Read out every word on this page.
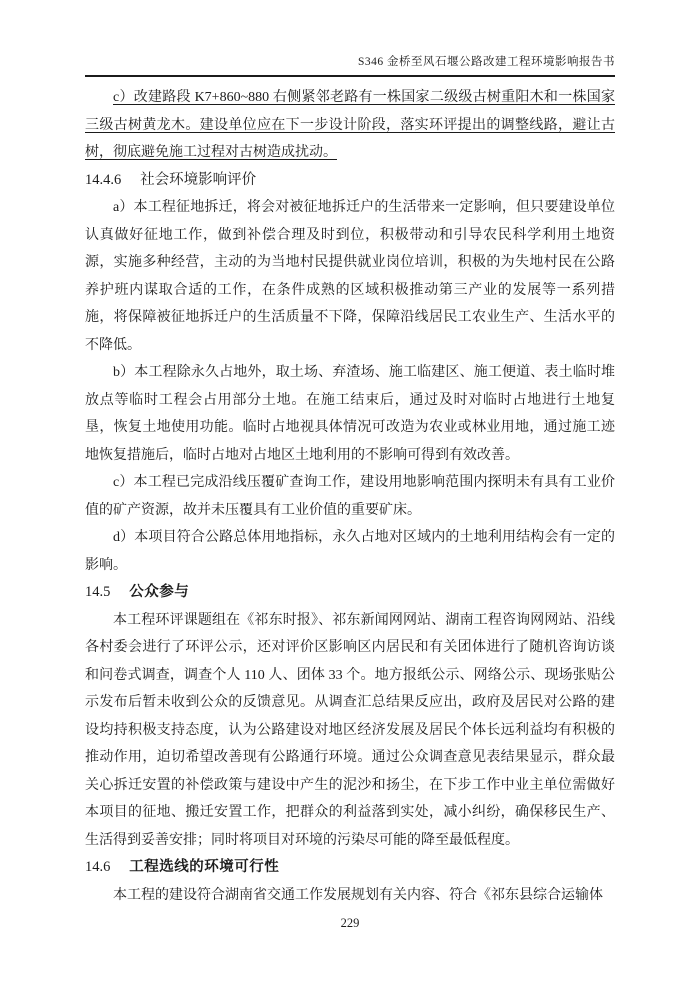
S346 金桥至风石堰公路改建工程环境影响报告书

c）改建路段 K7+860~880 右侧紧邻老路有一株国家二级级古树重阳木和一株国家三级古树黄龙木。建设单位应在下一步设计阶段，落实环评提出的调整线路，避让古树，彻底避免施工过程对古树造成扰动。

14.4.6 社会环境影响评价

a）本工程征地拆迁，将会对被征地拆迁户的生活带来一定影响，但只要建设单位认真做好征地工作，做到补偿合理及时到位，积极带动和引导农民科学利用土地资源，实施多种经营，主动的为当地村民提供就业岗位培训，积极的为失地村民在公路养护班内谋取合适的工作，在条件成熟的区域积极推动第三产业的发展等一系列措施，将保障被征地拆迁户的生活质量不下降，保障沿线居民工农业生产、生活水平的不降低。

b）本工程除永久占地外，取土场、弃渣场、施工临建区、施工便道、表土临时堆放点等临时工程会占用部分土地。在施工结束后，通过及时对临时占地进行土地复垦，恢复土地使用功能。临时占地视具体情况可改造为农业或林业用地，通过施工迹地恢复措施后，临时占地对占地区土地利用的不影响可得到有效改善。

c）本工程已完成沿线压覆矿查询工作，建设用地影响范围内探明未有具有工业价值的矿产资源，故并未压覆具有工业价值的重要矿床。

d）本项目符合公路总体用地指标，永久占地对区域内的土地利用结构会有一定的影响。

14.5 公众参与

本工程环评课题组在《祁东时报》、祁东新闻网网站、湖南工程咨询网网站、沿线各村委会进行了环评公示，还对评价区影响区内居民和有关团体进行了随机咨询访谈和问卷式调查，调查个人 110 人、团体 33 个。地方报纸公示、网络公示、现场张贴公示发布后暂未收到公众的反馈意见。从调查汇总结果反应出，政府及居民对公路的建设均持积极支持态度，认为公路建设对地区经济发展及居民个体长远利益均有积极的推动作用，迫切希望改善现有公路通行环境。通过公众调查意见表结果显示，群众最关心拆迁安置的补偿政策与建设中产生的泥沙和扬尘，在下步工作中业主单位需做好本项目的征地、搬迁安置工作，把群众的利益落到实处，减小纠纷，确保移民生产、生活得到妥善安排；同时将项目对环境的污染尽可能的降至最低程度。

14.6 工程选线的环境可行性

本工程的建设符合湖南省交通工作发展规划有关内容、符合《祁东县综合运输体

229
